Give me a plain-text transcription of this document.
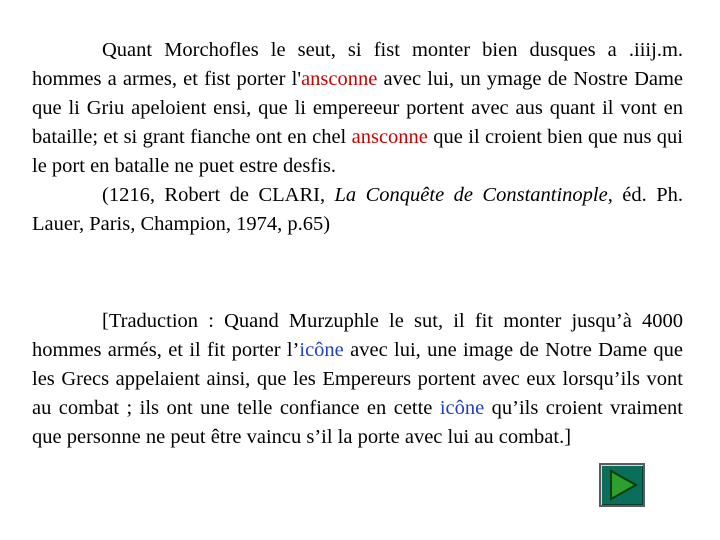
Quant Morchofles le seut, si fist monter bien dusques a .iiij.m. hommes a armes, et fist porter l'ansconne avec lui, un ymage de Nostre Dame que li Griu apeloient ensi, que li empereeur portent avec aus quant il vont en bataille; et si grant fianche ont en chel ansconne que il croient bien que nus qui le port en batalle ne puet estre desfis.
(1216, Robert de CLARI, La Conquête de Constantinople, éd. Ph. Lauer, Paris, Champion, 1974, p.65)

[Traduction : Quand Murzuphle le sut, il fit monter jusqu’à 4000 hommes armés, et il fit porter l’icône avec lui, une image de Notre Dame que les Grecs appelaient ainsi, que les Empereurs portent avec eux lorsqu’ils vont au combat ; ils ont une telle confiance en cette icône qu’ils croient vraiment que personne ne peut être vaincu s’il la porte avec lui au combat.]
